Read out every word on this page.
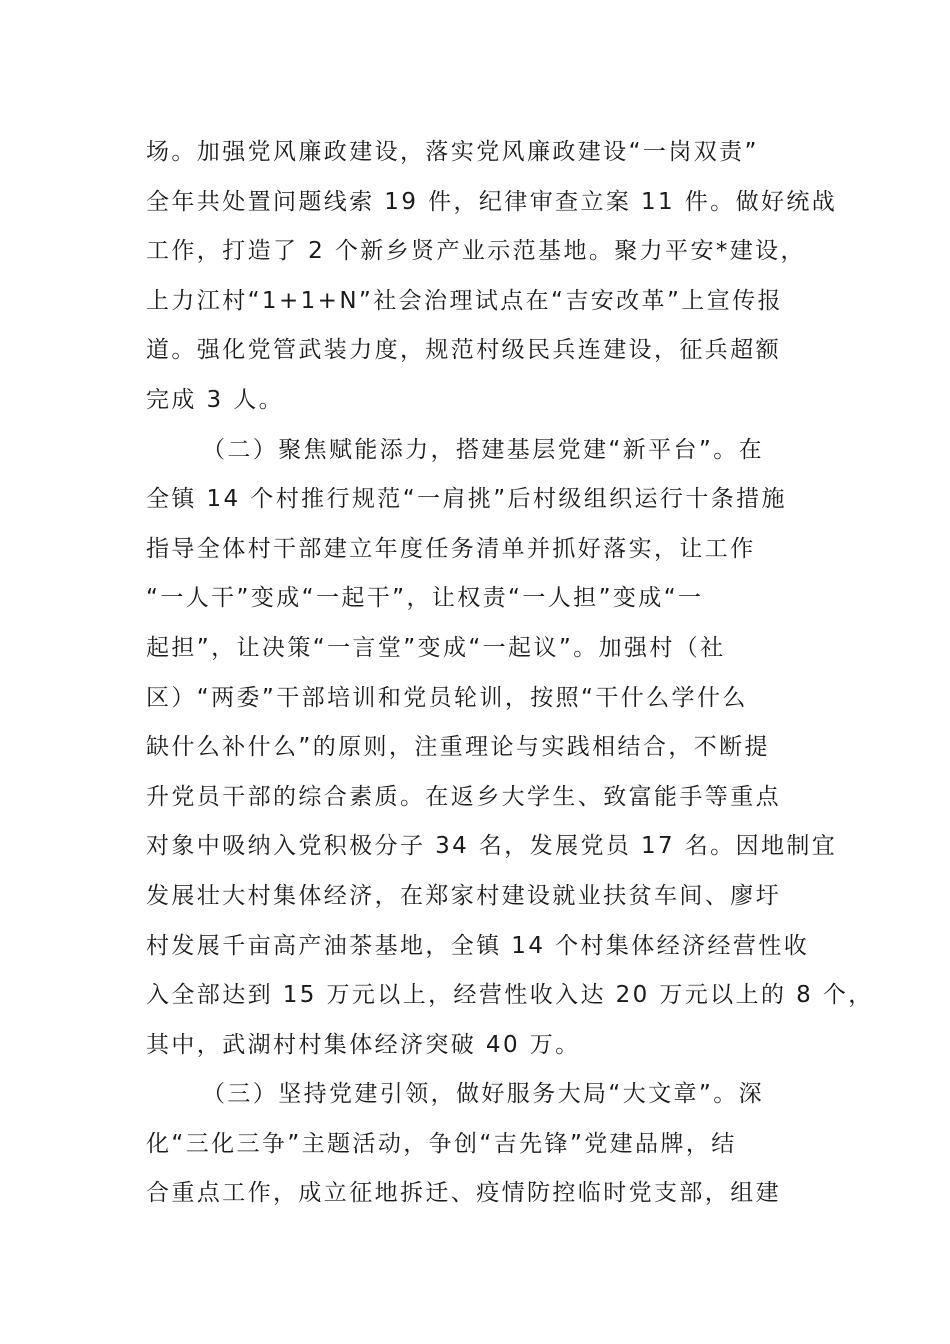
场。加强党风廉政建设，落实党风廉政建设“一岗双责”
全年共处置问题线索 19 件，纪律审查立案 11 件。做好统战
工作，打造了 2 个新乡贤产业示范基地。聚力平安*建设，
上力江村“1+1+N”社会治理试点在“吉安改革”上宣传报
道。强化党管武装力度，规范村级民兵连建设，征兵超额
完成 3 人。
（二）聚焦赋能添力，搭建基层党建“新平台”。在
全镇 14 个村推行规范“一肩挑”后村级组织运行十条措施
指导全体村干部建立年度任务清单并抓好落实，让工作
“一人干”变成“一起干”，让权责“一人担”变成“一
起担”，让决策“一言堂”变成“一起议”。加强村（社
区）“两委”干部培训和党员轮训，按照“干什么学什么
缺什么补什么”的原则，注重理论与实践相结合，不断提
升党员干部的综合素质。在返乡大学生、致富能手等重点
对象中吸纳入党积极分子 34 名，发展党员 17 名。因地制宜
发展壮大村集体经济，在郑家村建设就业扶贫车间、廖圩
村发展千亩高产油茶基地，全镇 14 个村集体经济经营性收
入全部达到 15 万元以上，经营性收入达 20 万元以上的 8 个，
其中，武湖村村集体经济突破 40 万。
（三）坚持党建引领，做好服务大局“大文章”。深
化“三化三争”主题活动，争创“吉先锋”党建品牌，结
合重点工作，成立征地拆迁、疫情防控临时党支部，组建
